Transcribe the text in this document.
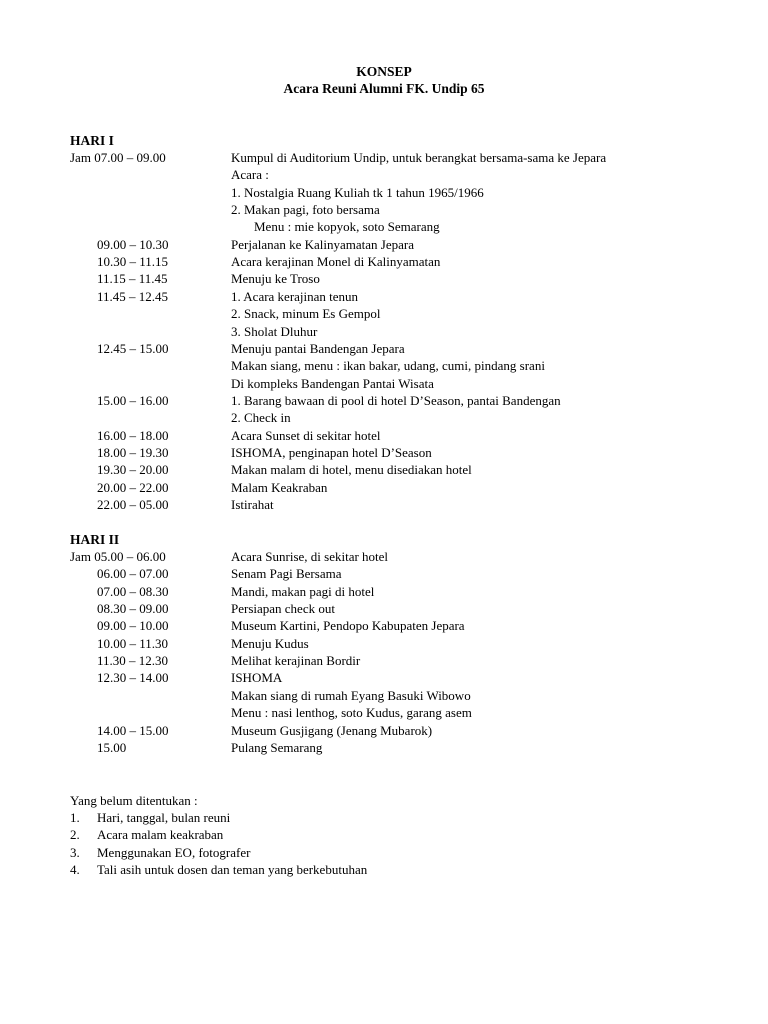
KONSEP
Acara Reuni Alumni FK. Undip 65
HARI I
Jam 07.00 – 09.00	Kumpul di Auditorium Undip, untuk berangkat bersama-sama ke Jepara
Acara :
1. Nostalgia Ruang Kuliah tk 1 tahun 1965/1966
2. Makan pagi, foto bersama
Menu : mie kopyok, soto Semarang
09.00 – 10.30	Perjalanan ke Kalinyamatan Jepara
10.30 – 11.15	Acara kerajinan Monel di Kalinyamatan
11.15 – 11.45	Menuju ke Troso
11.45 – 12.45	1. Acara kerajinan tenun
2. Snack, minum Es Gempol
3. Sholat Dluhur
12.45 – 15.00	Menuju pantai Bandengan Jepara
Makan siang, menu : ikan bakar, udang, cumi, pindang srani
Di kompleks Bandengan Pantai Wisata
15.00 – 16.00	1. Barang bawaan di pool di hotel D’Season, pantai Bandengan
2. Check in
16.00 – 18.00	Acara Sunset di sekitar hotel
18.00 – 19.30	ISHOMA, penginapan hotel D’Season
19.30 – 20.00	Makan malam di hotel, menu disediakan hotel
20.00 – 22.00	Malam Keakraban
22.00 – 05.00	Istirahat
HARI II
Jam 05.00 – 06.00	Acara Sunrise, di sekitar hotel
06.00 – 07.00	Senam Pagi Bersama
07.00 – 08.30	Mandi, makan pagi di hotel
08.30 – 09.00	Persiapan check out
09.00 – 10.00	Museum Kartini, Pendopo Kabupaten Jepara
10.00 – 11.30	Menuju Kudus
11.30 – 12.30	Melihat kerajinan Bordir
12.30 – 14.00	ISHOMA
Makan siang di rumah Eyang Basuki Wibowo
Menu : nasi lenthog, soto Kudus, garang asem
14.00 – 15.00	Museum Gusjigang (Jenang Mubarok)
15.00	Pulang Semarang
Yang belum ditentukan :
1. Hari, tanggal, bulan reuni
2. Acara malam keakraban
3. Menggunakan EO, fotografer
4. Tali asih untuk dosen dan teman yang berkebutuhan
